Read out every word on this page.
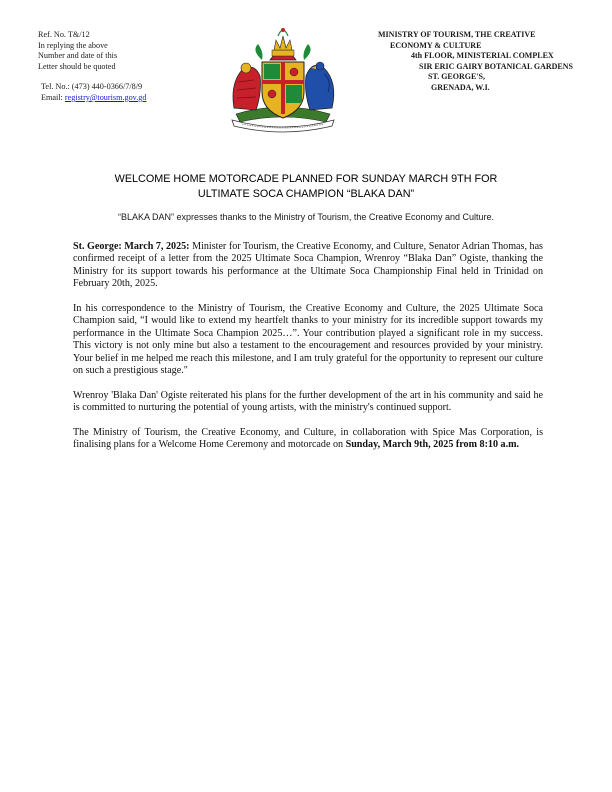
Ref. No. T&/12
In replying the above
Number and date of this
Letter should be quoted
Tel. No.: (473) 440-0366/7/8/9
Email: registry@tourism.gov.gd
MINISTRY OF TOURISM, THE CREATIVE
ECONOMY & CULTURE
4th FLOOR, MINISTERIAL COMPLEX
SIR ERIC GAIRY BOTANICAL GARDENS
ST. GEORGE'S,
GRENADA, W.I.
WELCOME HOME MOTORCADE PLANNED FOR SUNDAY MARCH 9TH FOR
ULTIMATE SOCA CHAMPION “BLAKA DAN”
“BLAKA DAN” expresses thanks to the Ministry of Tourism, the Creative Economy and Culture.

St. George: March 7, 2025: Minister for Tourism, the Creative Economy, and Culture, Senator Adrian Thomas, has confirmed receipt of a letter from the 2025 Ultimate Soca Champion, Wrenroy “Blaka Dan” Ogiste, thanking the Ministry for its support towards his performance at the Ultimate Soca Championship Final held in Trinidad on February 20th, 2025.

In his correspondence to the Ministry of Tourism, the Creative Economy and Culture, the 2025 Ultimate Soca Champion said, “I would like to extend my heartfelt thanks to your ministry for its incredible support towards my performance in the Ultimate Soca Champion 2025…”. Your contribution played a significant role in my success. This victory is not only mine but also a testament to the encouragement and resources provided by your ministry. Your belief in me helped me reach this milestone, and I am truly grateful for the opportunity to represent our culture on such a prestigious stage."

Wrenroy 'Blaka Dan' Ogiste reiterated his plans for the further development of the art in his community and said he is committed to nurturing the potential of young artists, with the ministry's continued support.

The Ministry of Tourism, the Creative Economy, and Culture, in collaboration with Spice Mas Corporation, is finalising plans for a Welcome Home Ceremony and motorcade on Sunday, March 9th, 2025 from 8:10 a.m.
